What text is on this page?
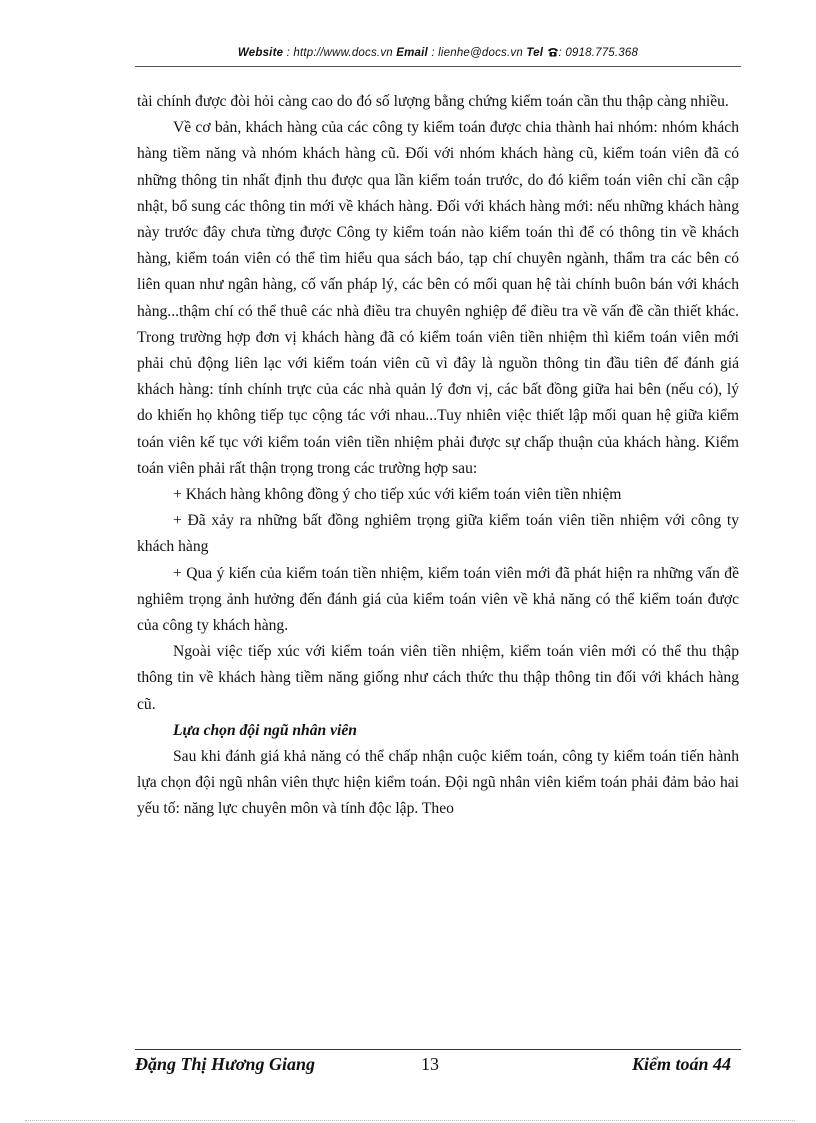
Website : http://www.docs.vn Email : lienhe@docs.vn Tel : 0918.775.368

tài chính được đòi hỏi càng cao do đó số lượng bằng chứng kiểm toán cần thu thập càng nhiều.

Về cơ bản, khách hàng của các công ty kiểm toán được chia thành hai nhóm: nhóm khách hàng tiềm năng và nhóm khách hàng cũ. Đối với nhóm khách hàng cũ, kiểm toán viên đã có những thông tin nhất định thu được qua lần kiểm toán trước, do đó kiểm toán viên chỉ cần cập nhật, bổ sung các thông tin mới về khách hàng. Đối với khách hàng mới: nếu những khách hàng này trước đây chưa từng được Công ty kiểm toán nào kiểm toán thì để có thông tin về khách hàng, kiểm toán viên có thể tìm hiểu qua sách báo, tạp chí chuyên ngành, thẩm tra các bên có liên quan như ngân hàng, cố vấn pháp lý, các bên có mối quan hệ tài chính buôn bán với khách hàng...thậm chí có thể thuê các nhà điều tra chuyên nghiệp để điều tra về vấn đề cần thiết khác. Trong trường hợp đơn vị khách hàng đã có kiểm toán viên tiền nhiệm thì kiểm toán viên mới phải chủ động liên lạc với kiểm toán viên cũ vì đây là nguồn thông tin đầu tiên để đánh giá khách hàng: tính chính trực của các nhà quản lý đơn vị, các bất đồng giữa hai bên (nếu có), lý do khiến họ không tiếp tục cộng tác với nhau...Tuy nhiên việc thiết lập mối quan hệ giữa kiểm toán viên kế tục với kiểm toán viên tiền nhiệm phải được sự chấp thuận của khách hàng. Kiểm toán viên phải rất thận trọng trong các trường hợp sau:

+ Khách hàng không đồng ý cho tiếp xúc với kiểm toán viên tiền nhiệm

+ Đã xảy ra những bất đồng nghiêm trọng giữa kiểm toán viên tiền nhiệm với công ty khách hàng

+ Qua ý kiến của kiểm toán tiền nhiệm, kiểm toán viên mới đã phát hiện ra những vấn đề nghiêm trọng ảnh hưởng đến đánh giá của kiểm toán viên về khả năng có thể kiểm toán được của công ty khách hàng.

Ngoài việc tiếp xúc với kiểm toán viên tiền nhiệm, kiểm toán viên mới có thể thu thập thông tin về khách hàng tiềm năng giống như cách thức thu thập thông tin đối với khách hàng cũ.

Lựa chọn đội ngũ nhân viên

Sau khi đánh giá khả năng có thể chấp nhận cuộc kiểm toán, công ty kiểm toán tiến hành lựa chọn đội ngũ nhân viên thực hiện kiểm toán. Đội ngũ nhân viên kiểm toán phải đảm bảo hai yếu tố: năng lực chuyên môn và tính độc lập. Theo

Đặng Thị Hương Giang	13	Kiểm toán 44
